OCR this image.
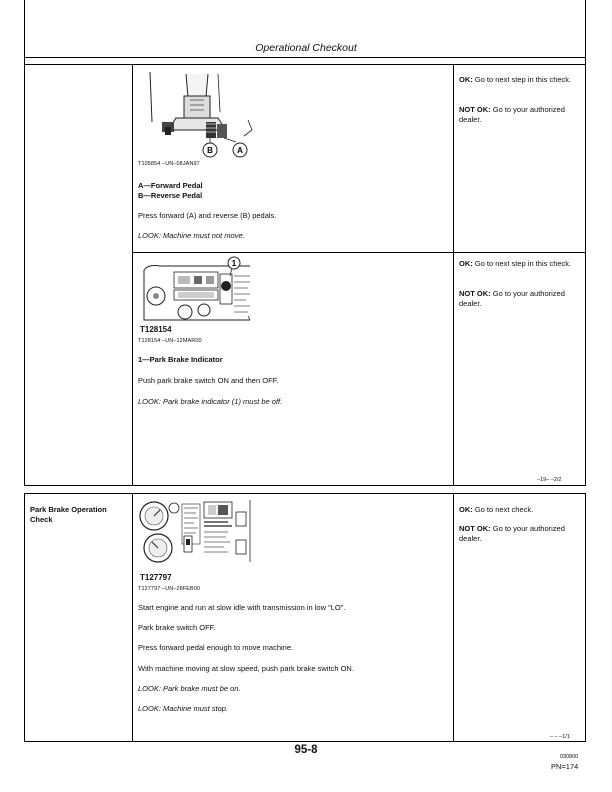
Operational Checkout
B	A
T105854 –UN–08JAN97
A—Forward Pedal
B—Reverse Pedal
Press forward (A) and reverse (B) pedals.
LOOK: Machine must not move.
OK: Go to next step in this check.
NOT OK: Go to your authorized dealer.
1
T128154
T128154 –UN–12MAR00
1—Park Brake Indicator
Push park brake switch ON and then OFF.
LOOK: Park brake indicator (1) must be off.
OK: Go to next step in this check.
NOT OK: Go to your authorized dealer.
–19– –2/2
Park Brake Operation Check
T127797
T127797 –UN–28FEB00
Start engine and run at slow idle with transmission in low "LO".
Park brake switch OFF.
Press forward pedal enough to move machine.
With machine moving at slow speed, push park brake switch ON.
LOOK: Park brake must be on.
LOOK: Machine must stop.
OK: Go to next check.
NOT OK: Go to your authorized dealer.
– – –1/1
95-8
030800
PN=174
